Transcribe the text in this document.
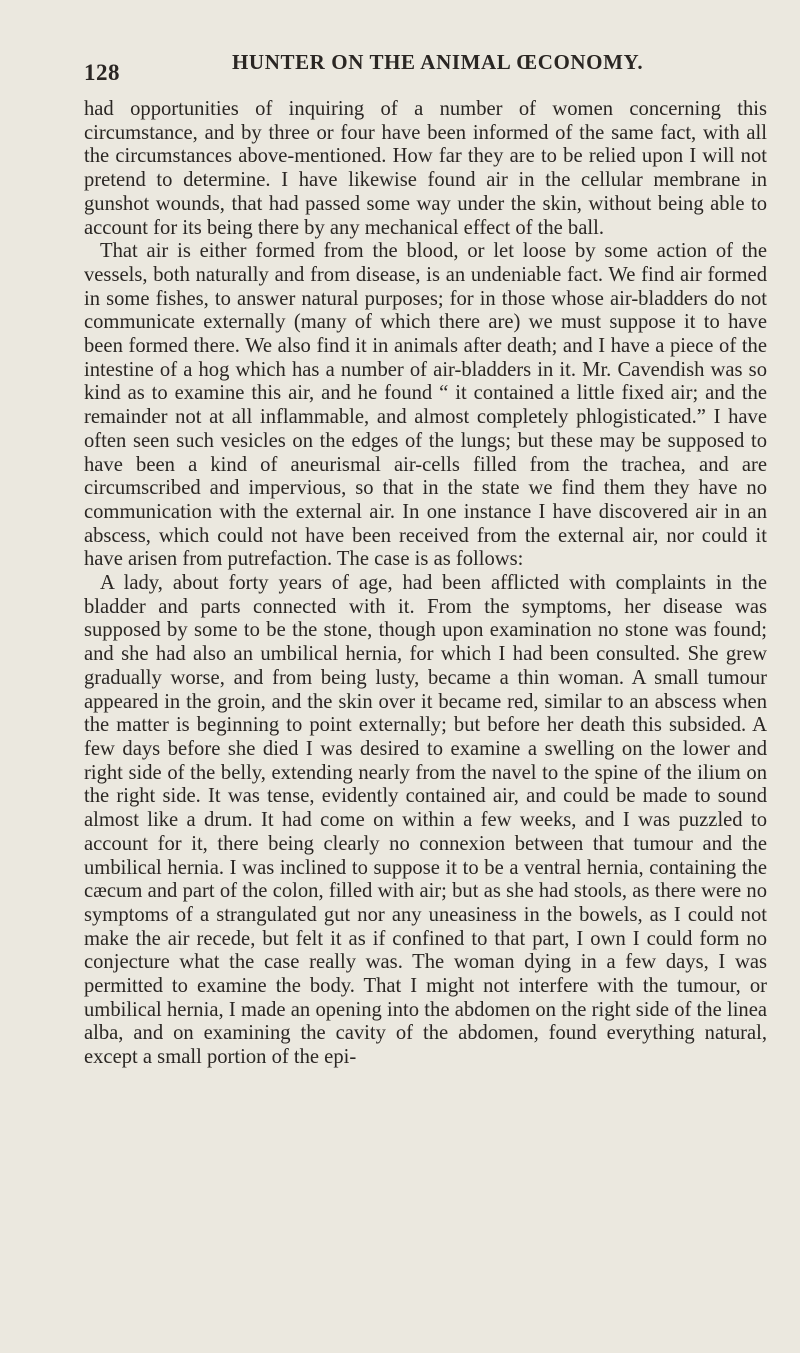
128	HUNTER ON THE ANIMAL ŒCONOMY.

had opportunities of inquiring of a number of women concerning this circumstance, and by three or four have been informed of the same fact, with all the circumstances above-mentioned. How far they are to be relied upon I will not pretend to determine. I have likewise found air in the cellular membrane in gunshot wounds, that had passed some way under the skin, without being able to account for its being there by any mechanical effect of the ball.

That air is either formed from the blood, or let loose by some action of the vessels, both naturally and from disease, is an undeniable fact. We find air formed in some fishes, to answer natural purposes; for in those whose air-bladders do not communicate externally (many of which there are) we must suppose it to have been formed there. We also find it in animals after death; and I have a piece of the intestine of a hog which has a number of air-bladders in it. Mr. Cavendish was so kind as to examine this air, and he found “ it contained a little fixed air; and the remainder not at all inflammable, and almost completely phlogisticated.” I have often seen such vesicles on the edges of the lungs; but these may be supposed to have been a kind of aneurismal air-cells filled from the trachea, and are circumscribed and impervious, so that in the state we find them they have no communication with the external air. In one instance I have discovered air in an abscess, which could not have been received from the external air, nor could it have arisen from putrefaction. The case is as follows:

A lady, about forty years of age, had been afflicted with complaints in the bladder and parts connected with it. From the symptoms, her disease was supposed by some to be the stone, though upon examination no stone was found; and she had also an umbilical hernia, for which I had been consulted. She grew gradually worse, and from being lusty, became a thin woman. A small tumour appeared in the groin, and the skin over it became red, similar to an abscess when the matter is beginning to point externally; but before her death this subsided. A few days before she died I was desired to examine a swelling on the lower and right side of the belly, extending nearly from the navel to the spine of the ilium on the right side. It was tense, evidently contained air, and could be made to sound almost like a drum. It had come on within a few weeks, and I was puzzled to account for it, there being clearly no connexion between that tumour and the umbilical hernia. I was inclined to suppose it to be a ventral hernia, containing the cæcum and part of the colon, filled with air; but as she had stools, as there were no symptoms of a strangulated gut nor any uneasiness in the bowels, as I could not make the air recede, but felt it as if confined to that part, I own I could form no conjecture what the case really was. The woman dying in a few days, I was permitted to examine the body. That I might not interfere with the tumour, or umbilical hernia, I made an opening into the abdomen on the right side of the linea alba, and on examining the cavity of the abdomen, found everything natural, except a small portion of the epi-
